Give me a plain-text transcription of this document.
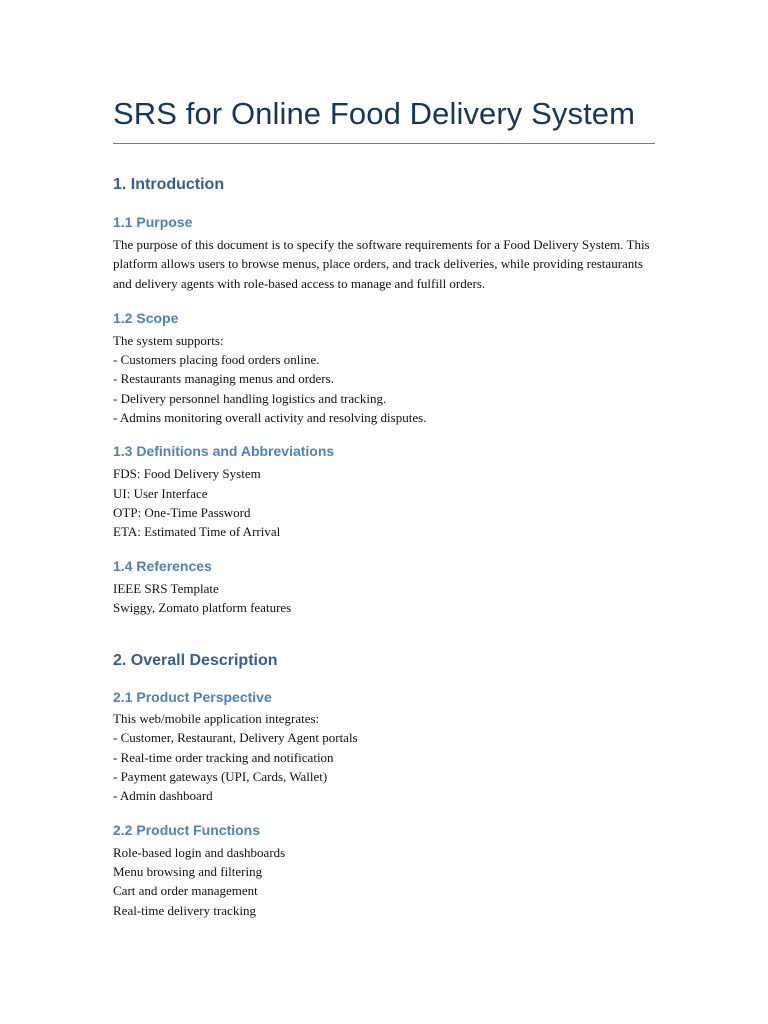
SRS for Online Food Delivery System
1. Introduction
1.1 Purpose

The purpose of this document is to specify the software requirements for a Food Delivery System. This platform allows users to browse menus, place orders, and track deliveries, while providing restaurants and delivery agents with role-based access to manage and fulfill orders.

1.2 Scope
The system supports:
- Customers placing food orders online.
- Restaurants managing menus and orders.
- Delivery personnel handling logistics and tracking.
- Admins monitoring overall activity and resolving disputes.
1.3 Definitions and Abbreviations
FDS: Food Delivery System
UI: User Interface
OTP: One-Time Password
ETA: Estimated Time of Arrival
1.4 References
IEEE SRS Template
Swiggy, Zomato platform features
2. Overall Description
2.1 Product Perspective
This web/mobile application integrates:
- Customer, Restaurant, Delivery Agent portals
- Real-time order tracking and notification
- Payment gateways (UPI, Cards, Wallet)
- Admin dashboard
2.2 Product Functions
Role-based login and dashboards
Menu browsing and filtering
Cart and order management
Real-time delivery tracking
